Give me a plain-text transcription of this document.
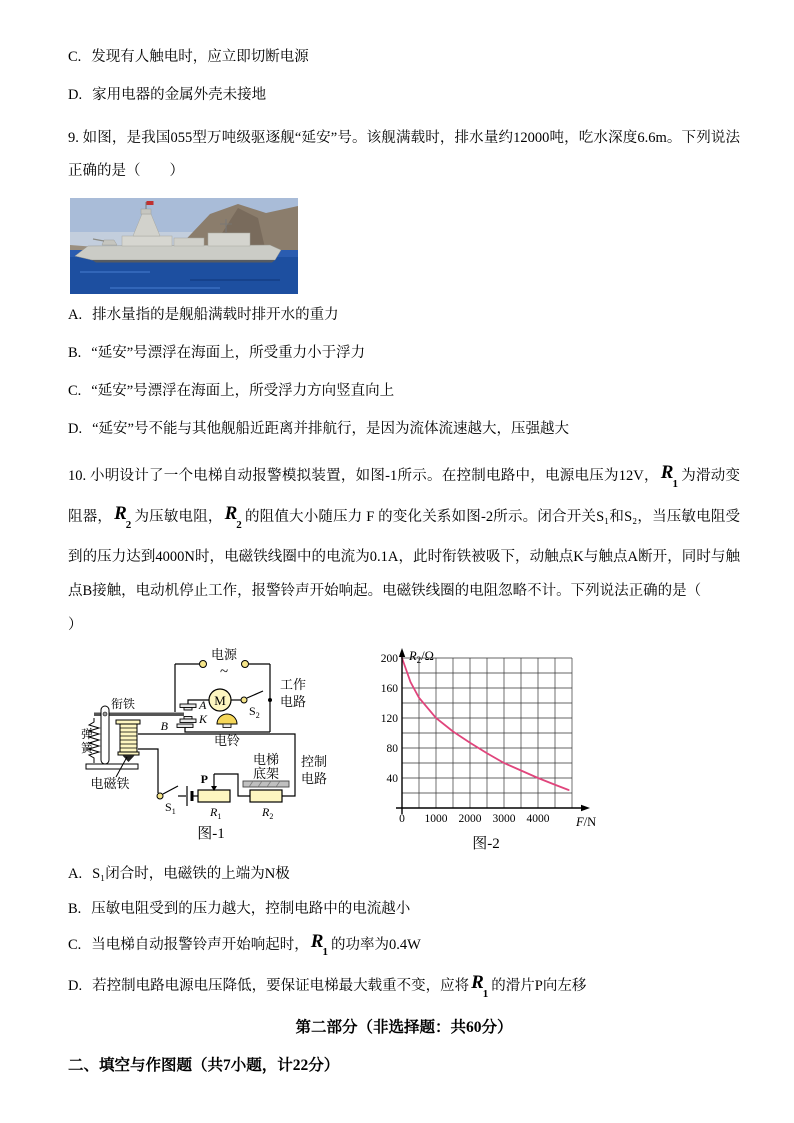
C. 发现有人触电时，应立即切断电源
D. 家用电器的金属外壳未接地

9. 如图，是我国055型万吨级驱逐舰“延安”号。该舰满载时，排水量约12000吨，吃水深度6.6m。下列说法正确的是（　　）

A. 排水量指的是舰船满载时排开水的重力
B. “延安”号漂浮在海面上，所受重力小于浮力
C. “延安”号漂浮在海面上，所受浮力方向竖直向上
D. “延安”号不能与其他舰船近距离并排航行，是因为流体流速越大，压强越大

10. 小明设计了一个电梯自动报警模拟装置，如图-1所示。在控制电路中，电源电压为12V， $R_1$ 为滑动变阻器， $R_2$ 为压敏电阻， $R_2$ 的阻值大小随压力 F 的变化关系如图-2所示。闭合开关S₁和S₂，当压敏电阻受到的压力达到4000N时，电磁铁线圈中的电流为0.1A，此时衔铁被吸下，动触点K与触点A断开，同时与触点B接触，电动机停止工作，报警铃声开始响起。电磁铁线圈的电阻忽略不计。下列说法正确的是（
）

电源
~
M
$S_2$
工作
电路
A
K
B
衔铁
弹
簧
电磁铁
电铃
$S_1$
P
$R_1$
电梯
底架
$R_2$
控制
电路
图-1
0 1000 2000 3000 4000
40
80
120
160
200 $R_2/\Omega$
F/N
图-2
A. S₁闭合时，电磁铁的上端为N极
B. 压敏电阻受到的压力越大，控制电路中的电流越小
C. 当电梯自动报警铃声开始响起时， $R_1$ 的功率为0.4W
D. 若控制电路电源电压降低，要保证电梯最大载重不变，应将 $R_1$ 的滑片P向左移
第二部分（非选择题：共60分）
二、填空与作图题（共7小题，计22分）
